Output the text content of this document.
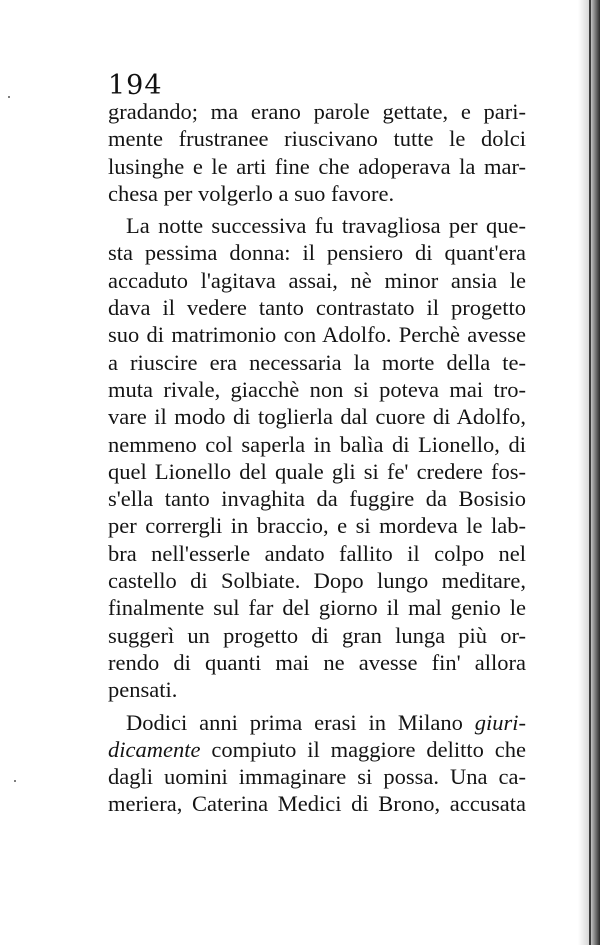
194
gradando; ma erano parole gettate, e pari-
mente frustranee riuscivano tutte le dolci
lusinghe e le arti fine che adoperava la mar-
chesa per volgerlo a suo favore.
La notte successiva fu travagliosa per que-
sta pessima donna: il pensiero di quant'era
accaduto l'agitava assai, nè minor ansia le
dava il vedere tanto contrastato il progetto
suo di matrimonio con Adolfo. Perchè avesse
a riuscire era necessaria la morte della te-
muta rivale, giacchè non si poteva mai tro-
vare il modo di toglierla dal cuore di Adolfo,
nemmeno col saperla in balìa di Lionello, di
quel Lionello del quale gli si fe' credere fos-
s'ella tanto invaghita da fuggire da Bosisio
per corrergli in braccio, e si mordeva le lab-
bra nell'esserle andato fallito il colpo nel
castello di Solbiate. Dopo lungo meditare,
finalmente sul far del giorno il mal genio le
suggerì un progetto di gran lunga più or-
rendo di quanti mai ne avesse fin' allora
pensati.
Dodici anni prima erasi in Milano giuri-
dicamente compiuto il maggiore delitto che
dagli uomini immaginare si possa. Una ca-
meriera, Caterina Medici di Brono, accusata
